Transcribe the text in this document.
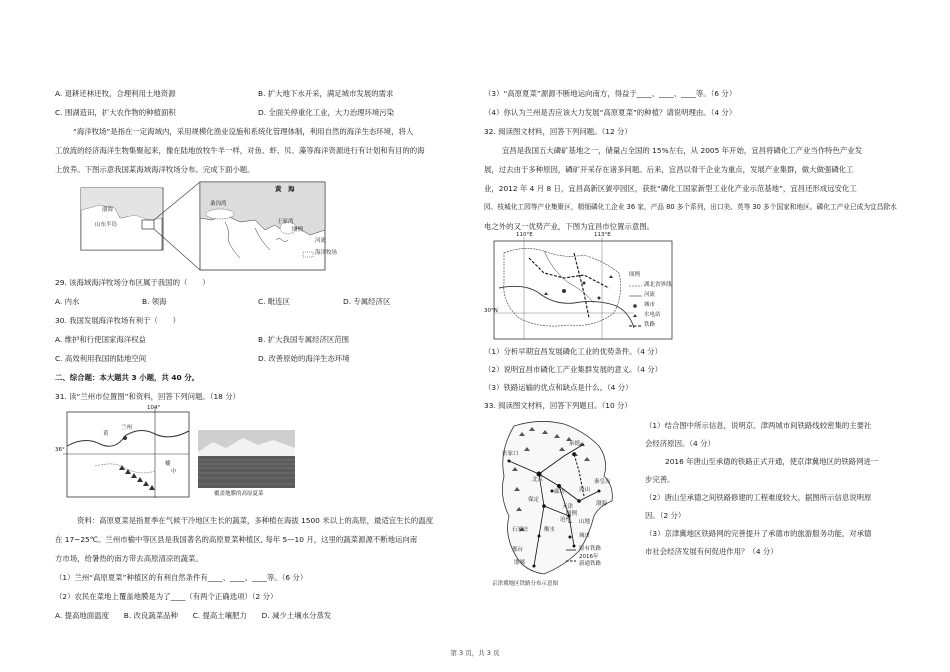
A. 退耕还林还牧，合理利用土地资源	B. 扩大地下水开采，满足城市发展的需求
C. 围湖造田，扩大农作物的种植面积	D. 全面关停重化工业，大力治理环境污染
“海洋牧场”是指在一定海域内，采用规模化渔业设施和系统化管理体制，利用自然的海洋生态环境，将人
工放流的经济海洋生物集聚起来，像在陆地放牧牛羊一样，对鱼、虾、贝、藻等海洋资源进行有计划和有目的的海
上放养。下图示意我国某海域海洋牧场分布。完成下面小题。
黄　海
渤海
山东半岛
桑沟湾
王家湾
图例
河流
海洋牧场
29. 该海域海洋牧场分布区属于我国的（　　）
A. 内水	B. 领海	C. 毗连区	D. 专属经济区
30. 我国发展海洋牧场有利于（　　）
A. 维护和行使国家海洋权益	B. 扩大我国专属经济区范围
C. 高效利用我国的陆地空间	D. 改善原始的海洋生态环境
二、综合题：本大题共 3 小题，共 40 分。
31. 读“兰州市位置图”和资料，回答下列问题。（18 分）
104°
36°
兰州
黄
榆
中
覆盖地膜的高原夏菜
资料：高原夏菜是指夏季在气候干冷地区生长的蔬菜，多种植在海拔 1500 米以上的高原，最适宜生长的温度
在 17~25℃。兰州市榆中等区县是我国著名的高原夏菜种植区, 每年 5—10 月，这里的蔬菜源源不断地运向南
方市场，给暑热的南方带去高原清凉的蔬菜。
（1）兰州“高原夏菜”种植区的有利自然条件有____、____、____等。（6 分）
（2）农民在菜地上覆盖地膜是为了____（有两个正确选项）（2 分）
A. 提高地面温度　　B. 改良蔬菜品种　　C. 提高土壤肥力　　D. 减少土壤水分蒸发
（3）“高原夏菜”源源不断地运向南方，得益于____、____、____等。（6 分）
（4）你认为兰州是否应该大力发展“高原夏菜”的种植？请说明理由。（4 分）
32. 阅读图文材料，回答下列问题。（12 分）
宜昌是我国五大磷矿基地之一，储量占全国的 15%左右，从 2005 年开始，宜昌将磷化工产业当作特色产业发
展，过去由于多种原因，磷矿开采存在诸多问题。后来，宜昌以骨干企业为重点，发展产业集群，做大做强磷化工
业，2012 年 4 月 8 日，宜昌高新区猇亭园区，获批“磷化工国家新型工业化产业示范基地”，宜昌还形成远安化工
园、枝城化工园等产业集聚区，精细磷化工企业 36 家，产品 80 多个系列，出口美、英等 30 多个国家和地区。磷化工产业已成为宜昌除水
电之外的又一优势产业，下图为宜昌市位置示意图。
110°E	113°E
30°N
图例
湖北省界线
河流
城市
水电站
铁路
（1）分析早期宜昌发展磷化工业的优势条件。（4 分）
（2）说明宜昌市磷化工产业集群发展的意义。（4 分）
（3）铁路运输的优点和缺点是什么。（4 分）
33. 阅读图文材料，回答下列题目。（10 分）
张家口
承德
北京
天津
唐山
秦皇岛
保定
沧州
石家庄
邢台
邯郸
衡水
廊坊
渤海
图例
山地
城市
原有铁路
2016年
新通铁路
京津冀地区铁路分布示意图
（1）结合图中所示信息，说明京、津两城市间铁路线较密集的主要社
会经济原因。（4 分）
2016 年唐山至承德的铁路正式开通，使京津冀地区的铁路网进一
步完善。
（2）唐山至承德之间铁路修建的工程难度较大。据图所示信息说明原
因。（2 分）
（3）京津冀地区铁路网的完善提升了承德市的旅游服务功能，对承德
市社会经济发展有何促进作用？（4 分）
第 3 页，共 3 页
